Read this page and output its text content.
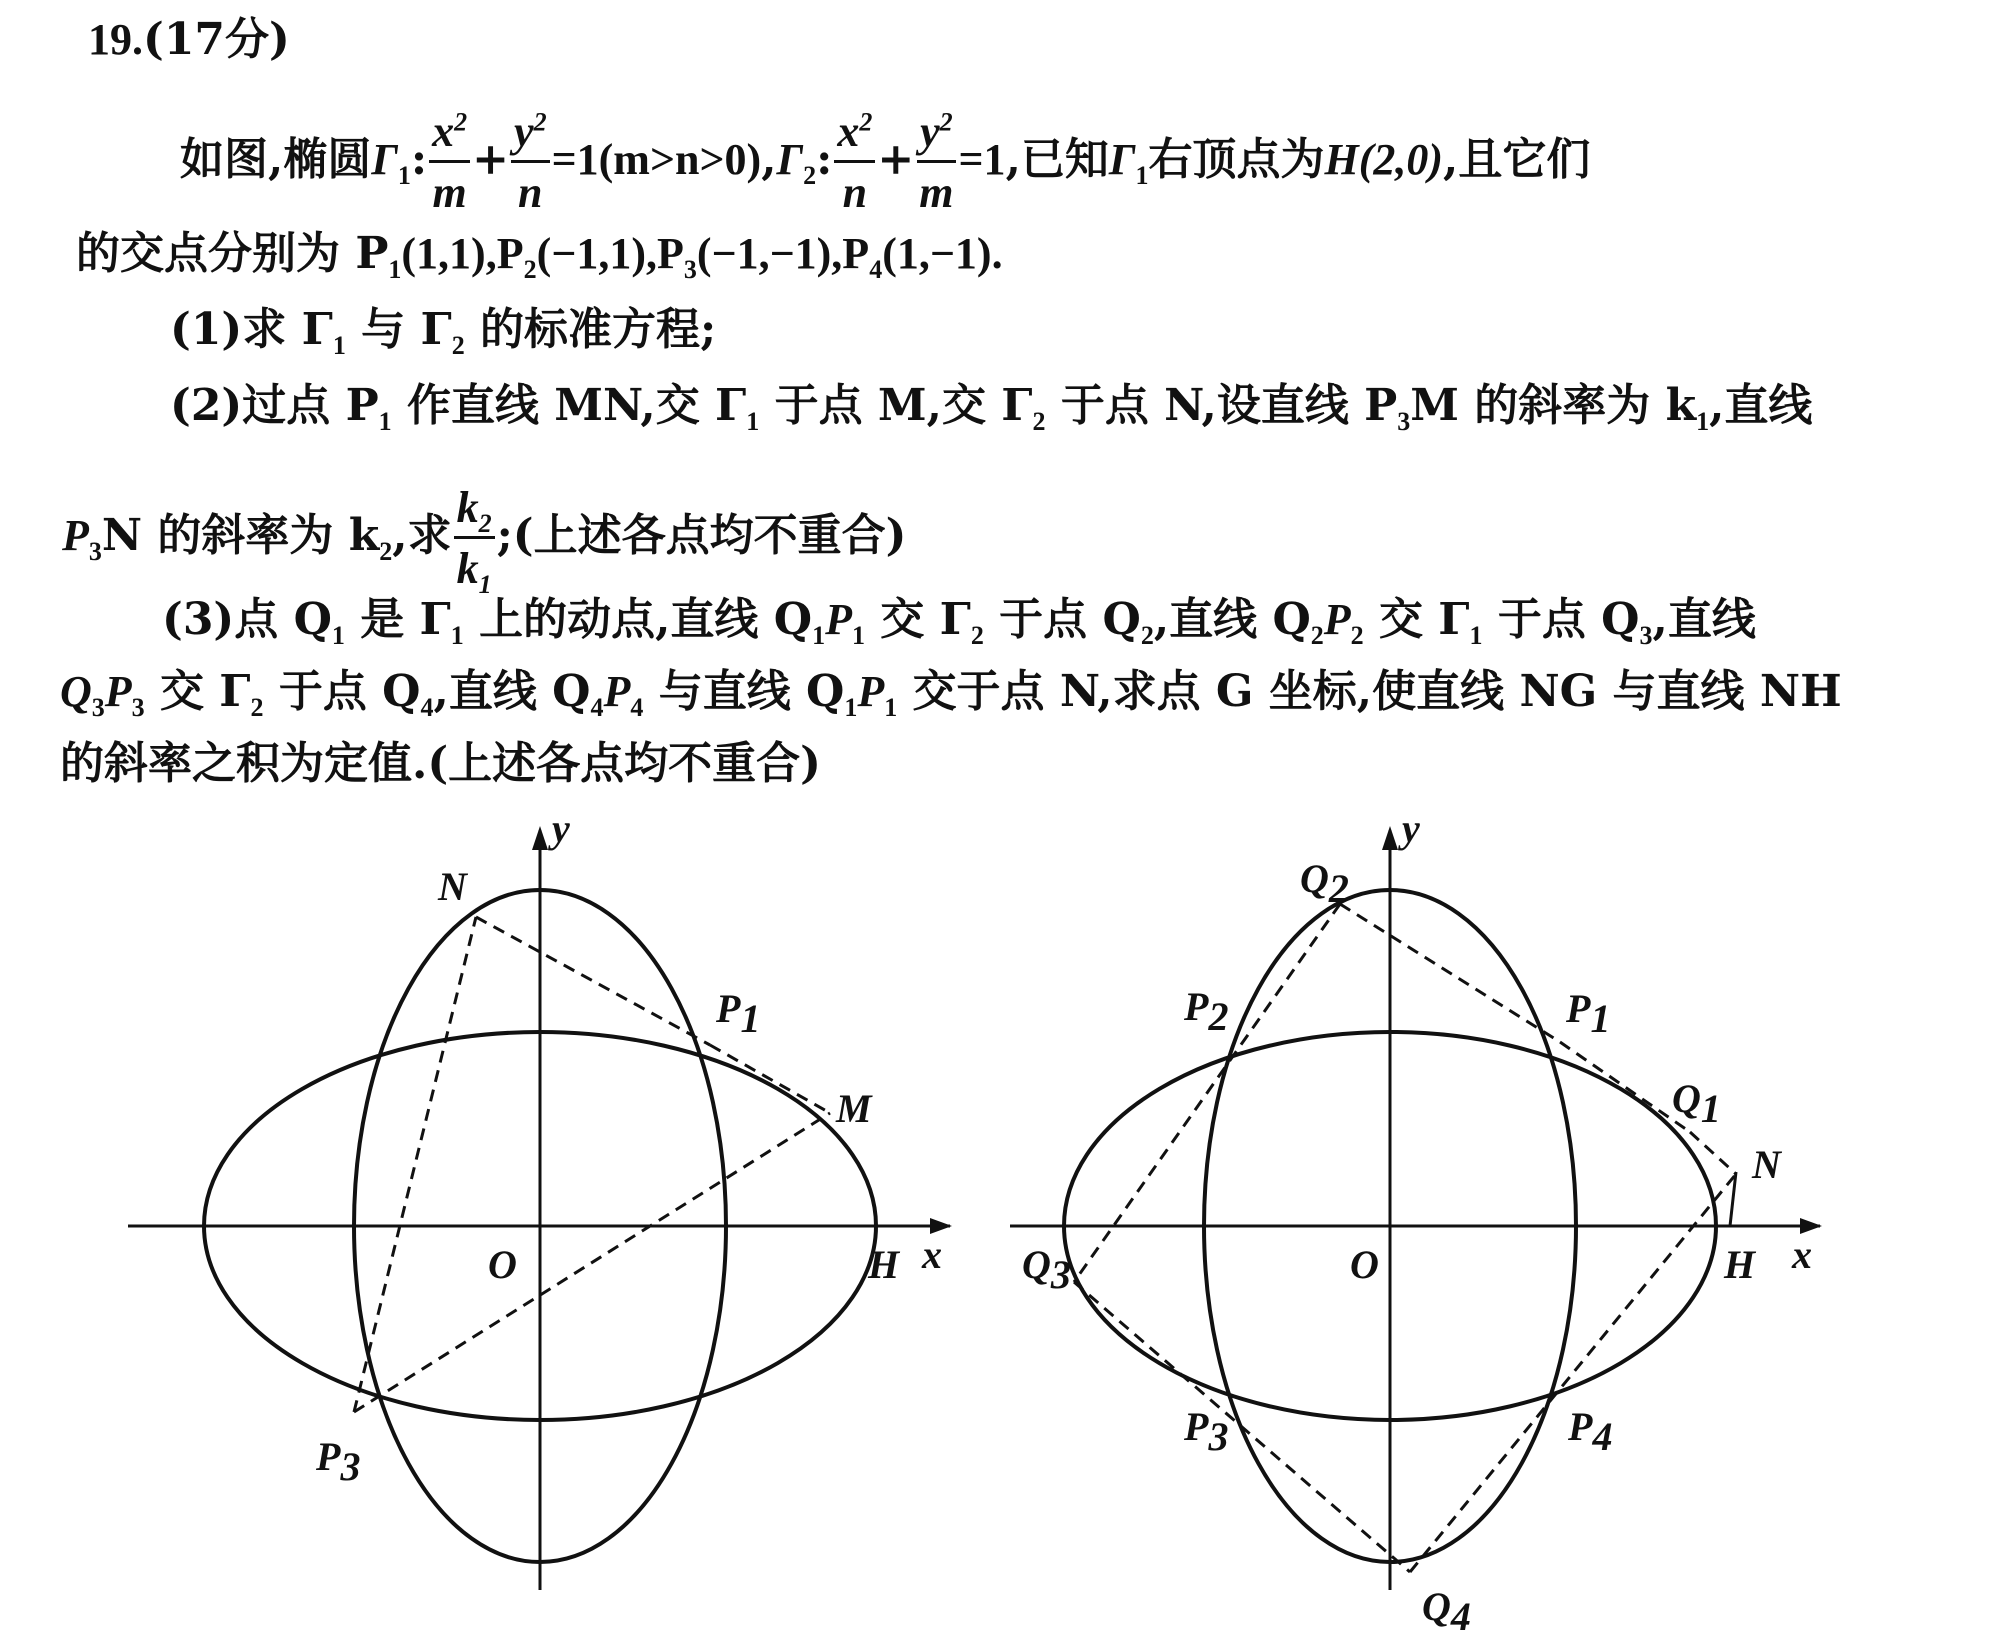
19.(17分)
如图,椭圆$\Gamma_1$: $\frac{x^2}{m} + \frac{y^2}{n} =1(m>n>0),\Gamma_2$: $\frac{x^2}{n} + \frac{y^2}{m} =1$,已知$\Gamma_1$右顶点为H(2,0),且它们
的交点分别为 $P_1(1,1),P_2(-1,1),P_3(-1,-1),P_4(1,-1)$.
(1)求 $\Gamma_1$ 与 $\Gamma_2$ 的标准方程;
(2)过点 $P_1$ 作直线 MN,交 $\Gamma_1$ 于点 M,交 $\Gamma_2$ 于点 N,设直线 $P_3M$ 的斜率为 $k_1$,直线
$P_3N$ 的斜率为 $k_2$,求 $\frac{k_2}{k_1}$ ;(上述各点均不重合)
(3)点 $Q_1$ 是 $\Gamma_1$ 上的动点,直线 $Q_1P_1$ 交 $\Gamma_2$ 于点 $Q_2$,直线 $Q_2P_2$ 交 $\Gamma_1$ 于点 $Q_3$,直线
$Q_3P_3$ 交 $\Gamma_2$ 于点 $Q_4$,直线 $Q_4P_4$ 与直线 $Q_1P_1$ 交于点 N,求点 G 坐标,使直线 NG 与直线 NH
的斜率之积为定值.(上述各点均不重合)
y
x
O	H
N
M
P1
P3
y
x
O	H
N
Q1
Q2
Q3
Q4
P1
P2
P3	P4
